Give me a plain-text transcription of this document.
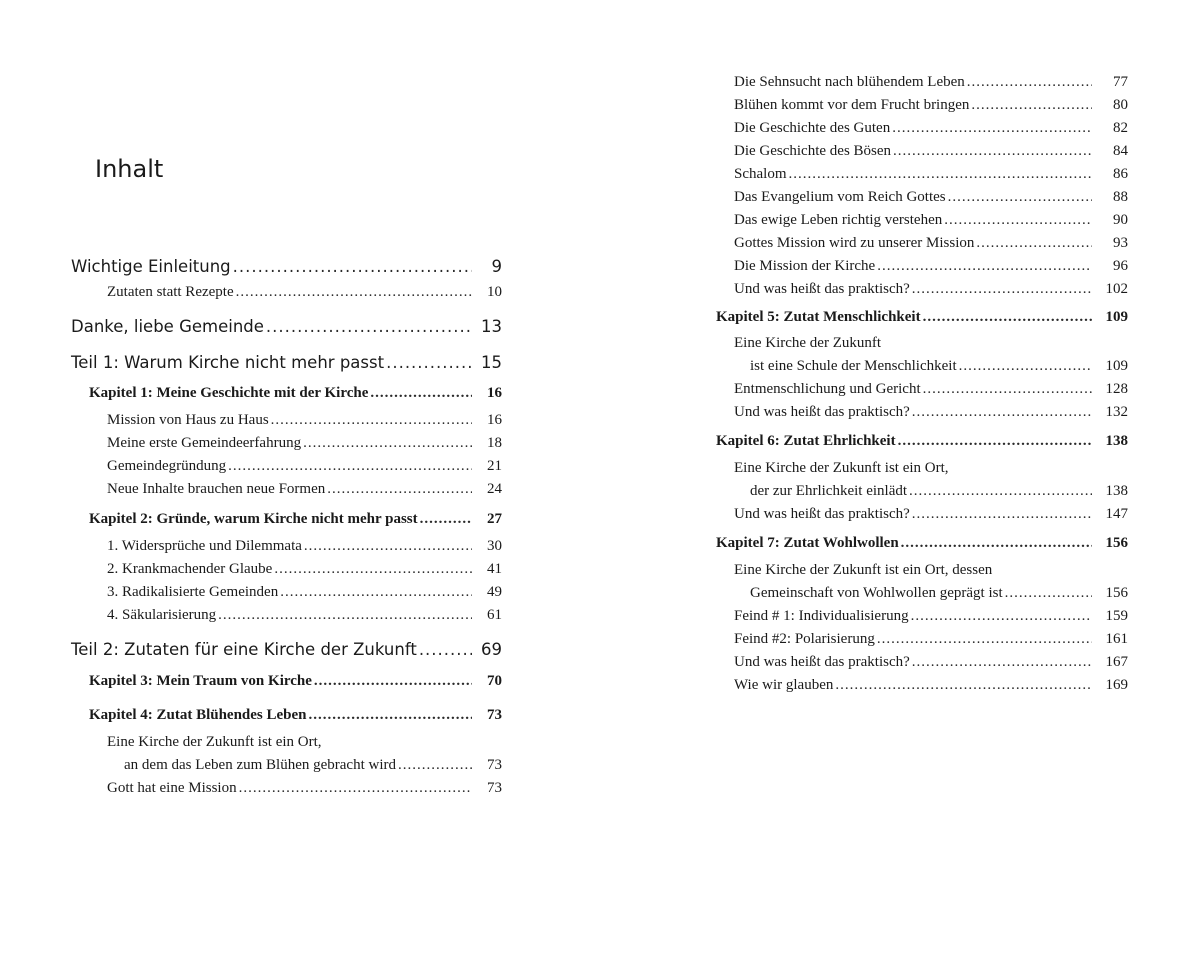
Inhalt
Wichtige Einleitung .....	9
Zutaten statt Rezepte .....	10
Danke, liebe Gemeinde .....	13
Teil 1: Warum Kirche nicht mehr passt .....	15
Kapitel 1: Meine Geschichte mit der Kirche .....	16
Mission von Haus zu Haus .....	16
Meine erste Gemeindeerfahrung .....	18
Gemeindegründung .....	21
Neue Inhalte brauchen neue Formen .....	24
Kapitel 2: Gründe, warum Kirche nicht mehr passt .....	27
1. Widersprüche und Dilemmata .....	30
2. Krankmachender Glaube .....	41
3. Radikalisierte Gemeinden .....	49
4. Säkularisierung .....	61
Teil 2: Zutaten für eine Kirche der Zukunft .....	69
Kapitel 3: Mein Traum von Kirche .....	70
Kapitel 4: Zutat Blühendes Leben .....	73
Eine Kirche der Zukunft ist ein Ort,
an dem das Leben zum Blühen gebracht wird .....	73
Gott hat eine Mission .....	73
Die Sehnsucht nach blühendem Leben .....	77
Blühen kommt vor dem Frucht bringen .....	80
Die Geschichte des Guten .....	82
Die Geschichte des Bösen .....	84
Schalom .....	86
Das Evangelium vom Reich Gottes .....	88
Das ewige Leben richtig verstehen .....	90
Gottes Mission wird zu unserer Mission .....	93
Die Mission der Kirche .....	96
Und was heißt das praktisch? .....	102
Kapitel 5: Zutat Menschlichkeit .....	109
Eine Kirche der Zukunft
ist eine Schule der Menschlichkeit .....	109
Entmenschlichung und Gericht .....	128
Und was heißt das praktisch? .....	132
Kapitel 6: Zutat Ehrlichkeit .....	138
Eine Kirche der Zukunft ist ein Ort,
der zur Ehrlichkeit einlädt .....	138
Und was heißt das praktisch? .....	147
Kapitel 7: Zutat Wohlwollen .....	156
Eine Kirche der Zukunft ist ein Ort, dessen
Gemeinschaft von Wohlwollen geprägt ist .....	156
Feind # 1: Individualisierung .....	159
Feind #2: Polarisierung .....	161
Und was heißt das praktisch? .....	167
Wie wir glauben .....	169
